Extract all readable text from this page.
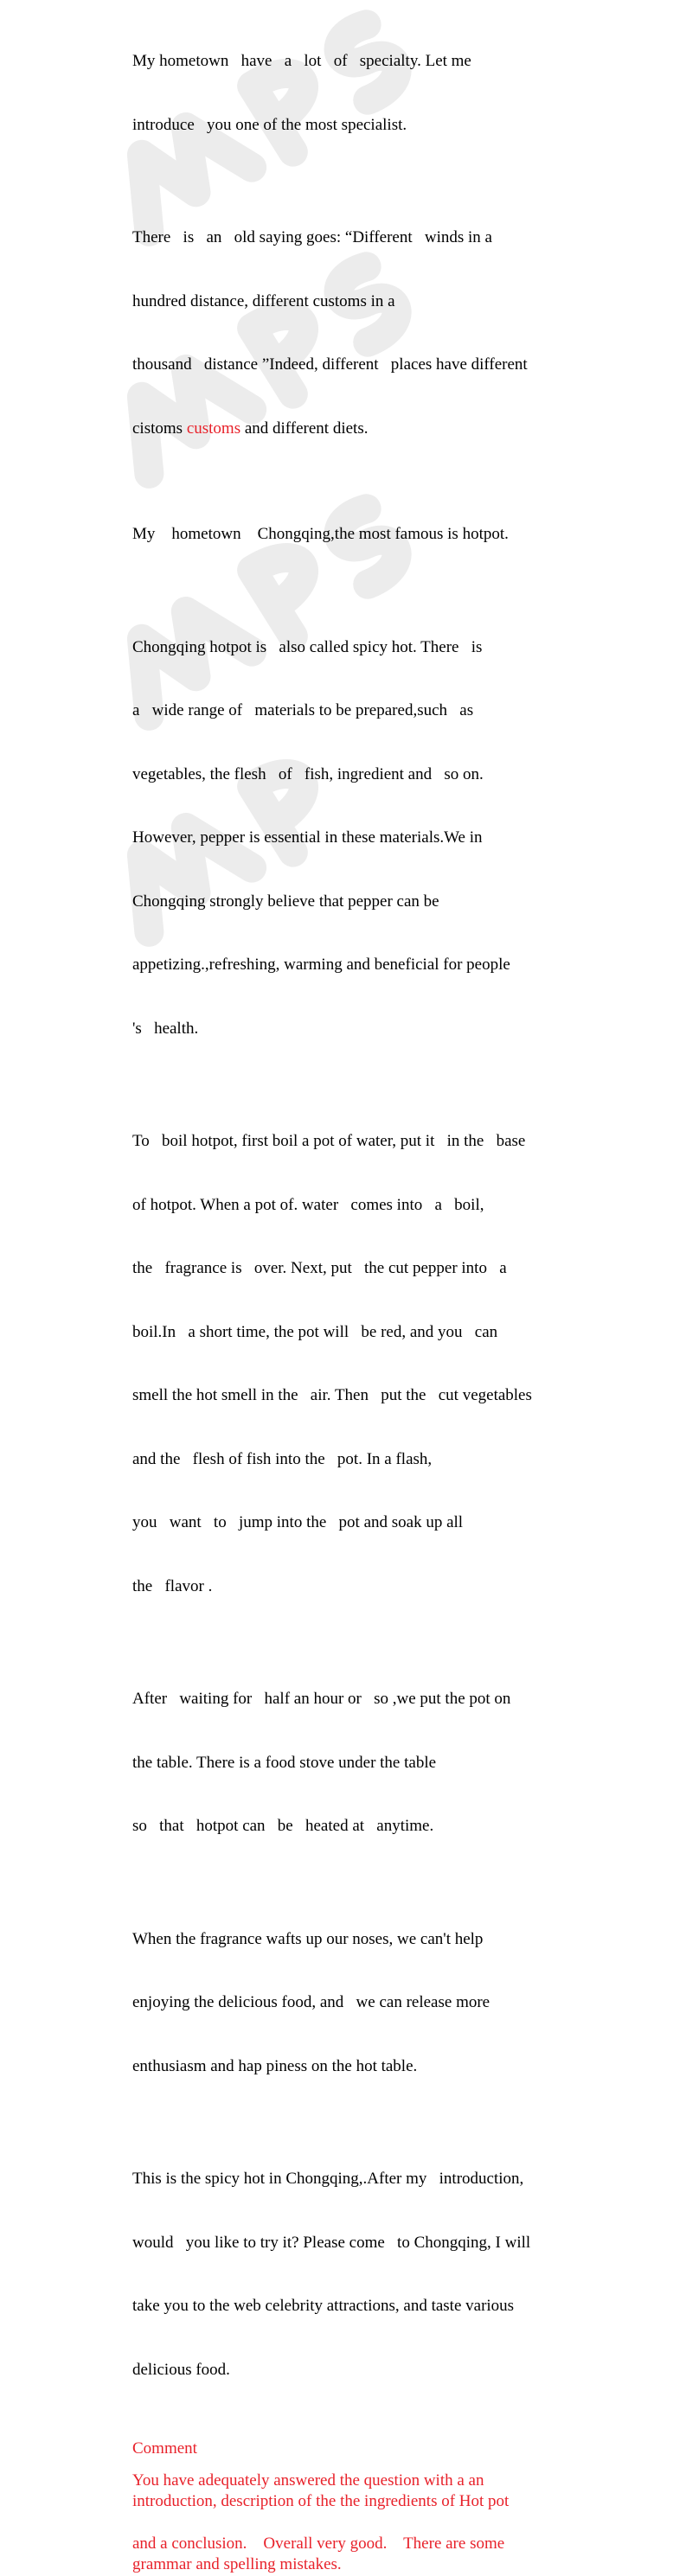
My hometown   have   a   lot   of   specialty. Let me

introduce   you one of the most specialist.

There   is   an   old saying goes: “Different   winds in a

hundred distance, different customs in a

thousand   distance ”Indeed, different   places have different

cistoms customs and different diets.

My    hometown    Chongqing,the most famous is hotpot.

Chongqing hotpot is   also called spicy hot. There   is

a   wide range of   materials to be prepared,such   as

vegetables, the flesh   of   fish, ingredient and   so on.

However, pepper is essential in these materials.We in

Chongqing strongly believe that pepper can be

appetizing.,refreshing, warming and beneficial for people

's   health.

To   boil hotpot, first boil a pot of water, put it   in the   base

of hotpot. When a pot of. water   comes into   a   boil,

the   fragrance is   over. Next, put   the cut pepper into   a

boil.In   a short time, the pot will   be red, and you   can

smell the hot smell in the   air. Then   put the   cut vegetables

and the   flesh of fish into the   pot. In a flash,

you   want   to   jump into the   pot and soak up all

the   flavor .

After   waiting for   half an hour or   so ,we put the pot on

the table. There is a food stove under the table

so   that   hotpot can   be   heated at   anytime.

When the fragrance wafts up our noses, we can't help

enjoying the delicious food, and   we can release more

enthusiasm and hap piness on the hot table.

This is the spicy hot in Chongqing,.After my   introduction,

would   you like to try it? Please come   to Chongqing, I will

take you to the web celebrity attractions, and taste various

delicious food.

Comment
You have adequately answered the question with a an
introduction, description of the the ingredients of Hot pot
and a conclusion.    Overall very good.    There are some
grammar and spelling mistakes.
